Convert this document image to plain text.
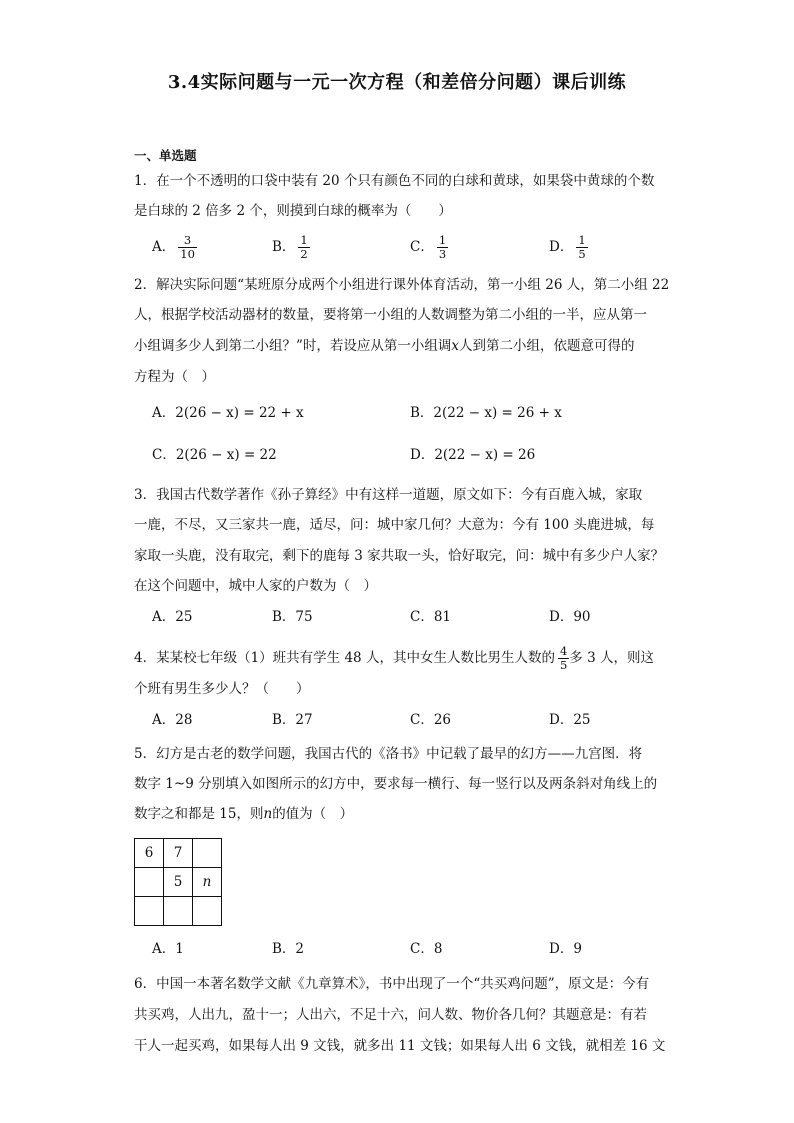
3.4实际问题与一元一次方程（和差倍分问题）课后训练
一、单选题
1．在一个不透明的口袋中装有 20 个只有颜色不同的白球和黄球，如果袋中黄球的个数
是白球的 2 倍多 2 个，则摸到白球的概率为（　　）
A． $\frac{3}{10}$	B． $\frac{1}{2}$	C． $\frac{1}{3}$	D． $\frac{1}{5}$
2．解决实际问题“某班原分成两个小组进行课外体育活动，第一小组 26 人，第二小组 22
人，根据学校活动器材的数量，要将第一小组的人数调整为第二小组的一半，应从第一
小组调多少人到第二小组？”时，若设应从第一小组调x人到第二小组，依题意可得的
方程为（　）
A．2(26 − x) = 22 + x	B．2(22 − x) = 26 + x
C．2(26 − x) = 22	D．2(22 − x) = 26
3．我国古代数学著作《孙子算经》中有这样一道题，原文如下：今有百鹿入城，家取
一鹿，不尽，又三家共一鹿，适尽，问：城中家几何？大意为：今有 100 头鹿进城，每
家取一头鹿，没有取完，剩下的鹿每 3 家共取一头，恰好取完，问：城中有多少户人家？
在这个问题中，城中人家的户数为（　）
A．25	B．75	C．81	D．90
4．某某校七年级（1）班共有学生 48 人，其中女生人数比男生人数的 $\frac{4}{5}$ 多 3 人，则这
个班有男生多少人？（　　）
A．28	B．27	C．26	D．25
5．幻方是古老的数学问题，我国古代的《洛书》中记载了最早的幻方——九宫图．将
数字 1~9 分别填入如图所示的幻方中，要求每一横行、每一竖行以及两条斜对角线上的
数字之和都是 15，则n的值为（　）
6	7	
	5	n

A．1	B．2	C．8	D．9
6．中国一本著名数学文献《九章算术》，书中出现了一个“共买鸡问题”，原文是：今有
共买鸡，人出九，盈十一；人出六，不足十六，问人数、物价各几何？其题意是：有若
干人一起买鸡，如果每人出 9 文钱，就多出 11 文钱；如果每人出 6 文钱，就相差 16 文
